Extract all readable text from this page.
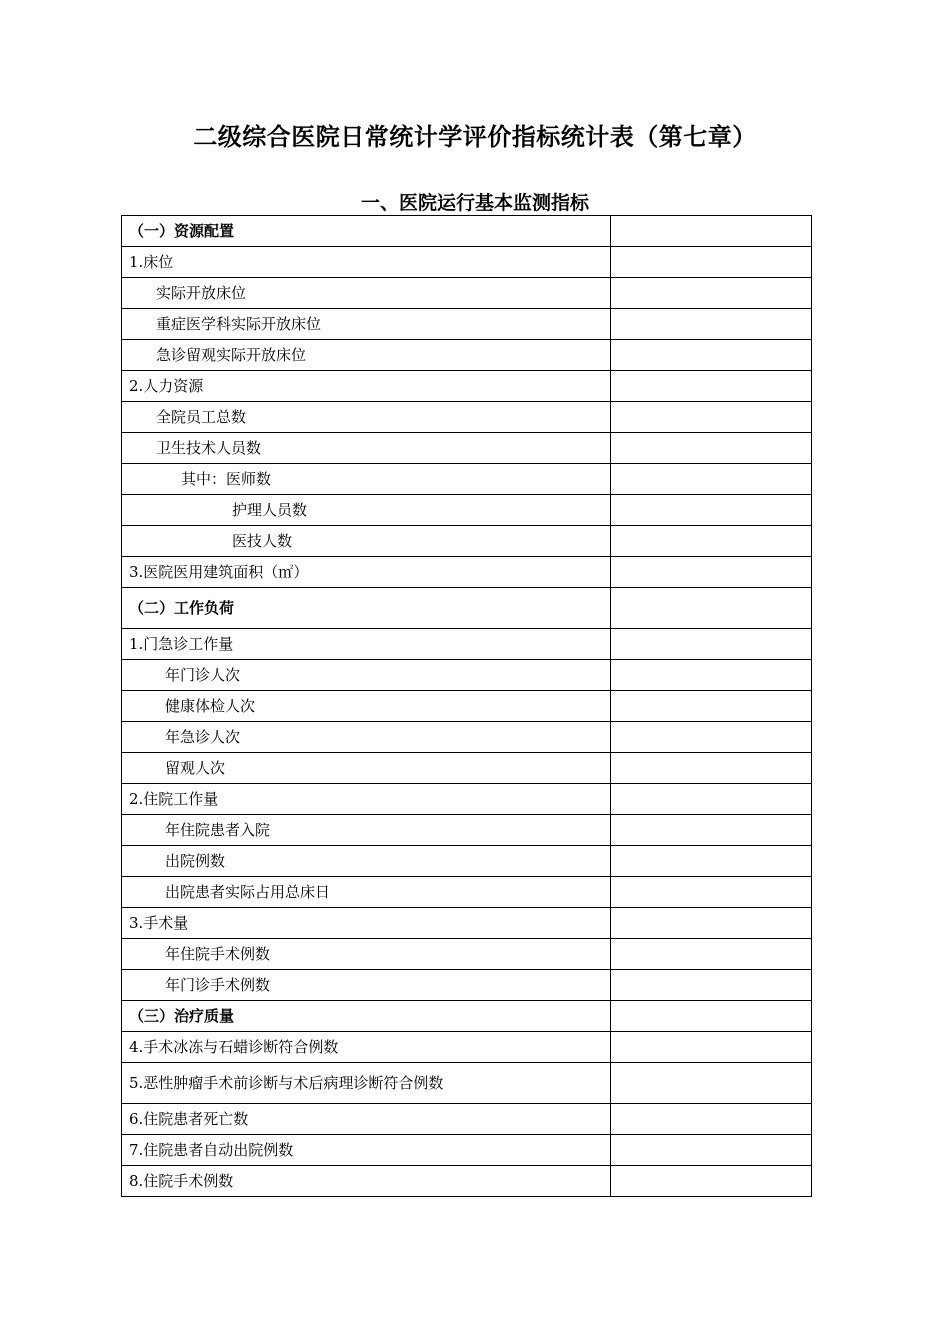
二级综合医院日常统计学评价指标统计表（第七章）
一、医院运行基本监测指标
（一）资源配置	
1.床位	
实际开放床位	
重症医学科实际开放床位	
急诊留观实际开放床位	
2.人力资源	
全院员工总数	
卫生技术人员数	
其中：医师数	
护理人员数	
医技人数	
3.医院医用建筑面积（㎡）	
（二）工作负荷	
1.门急诊工作量	
年门诊人次	
健康体检人次	
年急诊人次	
留观人次	
2.住院工作量	
年住院患者入院	
出院例数	
出院患者实际占用总床日	
3.手术量	
年住院手术例数	
年门诊手术例数	
（三）治疗质量	
4.手术冰冻与石蜡诊断符合例数	
5.恶性肿瘤手术前诊断与术后病理诊断符合例数	
6.住院患者死亡数	
7.住院患者自动出院例数	
8.住院手术例数	
